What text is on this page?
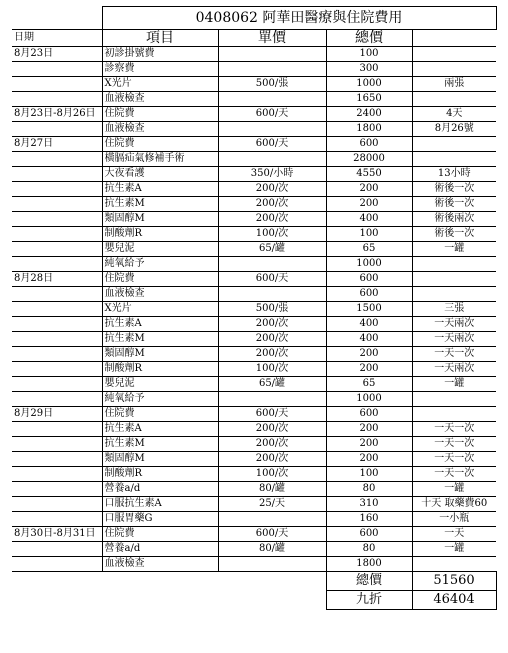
	0408062 阿華田醫療與住院費用			
日期	項目	單價	總價	
8月23日	初診掛號費		100	
	診察費		300	
	X光片	500/張	1000	兩張
	血液檢查		1650	
8月23日-8月26日	住院費	600/天	2400	4天
	血液檢查		1800	8月26號
8月27日	住院費	600/天	600	
	橫膈疝氣修補手術		28000	
	大夜看護	350/小時	4550	13小時
	抗生素A	200/次	200	術後一次
	抗生素M	200/次	200	術後一次
	類固醇M	200/次	400	術後兩次
	制酸劑R	100/次	100	術後一次
	嬰兒泥	65/罐	65	一罐
	純氧給予		1000	
8月28日	住院費	600/天	600	
	血液檢查		600	
	X光片	500/張	1500	三張
	抗生素A	200/次	400	一天兩次
	抗生素M	200/次	400	一天兩次
	類固醇M	200/次	200	一天一次
	制酸劑R	100/次	200	一天兩次
	嬰兒泥	65/罐	65	一罐
	純氧給予		1000	
8月29日	住院費	600/天	600	
	抗生素A	200/次	200	一天一次
	抗生素M	200/次	200	一天一次
	類固醇M	200/次	200	一天一次
	制酸劑R	100/次	100	一天一次
	營養a/d	80/罐	80	一罐
	口服抗生素A	25/天	310	十天 取藥費60
	口服胃藥G		160	一小瓶
8月30日-8月31日	住院費	600/天	600	一天
	營養a/d	80/罐	80	一罐
	血液檢查		1800	
			總價	51560
			九折	46404
